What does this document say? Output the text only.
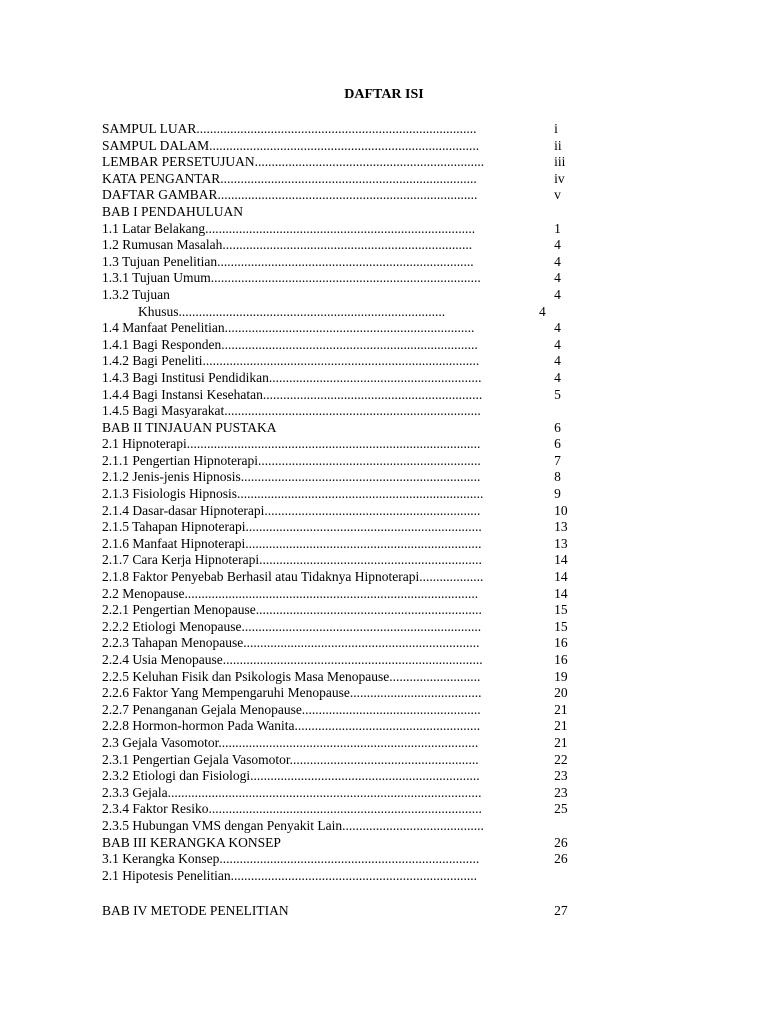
DAFTAR ISI
SAMPUL LUAR...................................................................................	i
SAMPUL DALAM................................................................................	ii
LEMBAR PERSETUJUAN....................................................................	iii
KATA PENGANTAR............................................................................	iv
DAFTAR GAMBAR.............................................................................	v
BAB I PENDAHULUAN
1.1 Latar Belakang................................................................................	1
1.2 Rumusan Masalah..........................................................................	4
1.3 Tujuan Penelitian............................................................................	4
1.3.1 Tujuan Umum................................................................................	4
1.3.2 Tujuan	4
Khusus...............................................................................	4
1.4 Manfaat Penelitian..........................................................................	4
1.4.1 Bagi Responden............................................................................	4
1.4.2 Bagi Peneliti..................................................................................	4
1.4.3 Bagi Institusi Pendidikan...............................................................	4
1.4.4 Bagi Instansi Kesehatan.................................................................	5
1.4.5 Bagi Masyarakat............................................................................
BAB II TINJAUAN PUSTAKA	6
2.1 Hipnoterapi.......................................................................................	6
2.1.1 Pengertian Hipnoterapi..................................................................	7
2.1.2 Jenis-jenis Hipnosis.......................................................................	8
2.1.3 Fisiologis Hipnosis.........................................................................	9
2.1.4 Dasar-dasar Hipnoterapi................................................................	10
2.1.5 Tahapan Hipnoterapi......................................................................	13
2.1.6 Manfaat Hipnoterapi......................................................................	13
2.1.7 Cara Kerja Hipnoterapi..................................................................	14
2.1.8 Faktor Penyebab Berhasil atau Tidaknya Hipnoterapi...................	14
2.2 Menopause.......................................................................................	14
2.2.1 Pengertian Menopause...................................................................	15
2.2.2 Etiologi Menopause.......................................................................	15
2.2.3 Tahapan Menopause......................................................................	16
2.2.4 Usia Menopause.............................................................................	16
2.2.5 Keluhan Fisik dan Psikologis Masa Menopause...........................	19
2.2.6 Faktor Yang Mempengaruhi Menopause.......................................	20
2.2.7 Penanganan Gejala Menopause.....................................................	21
2.2.8 Hormon-hormon Pada Wanita.......................................................	21
2.3 Gejala Vasomotor.............................................................................	21
2.3.1 Pengertian Gejala Vasomotor........................................................	22
2.3.2 Etiologi dan Fisiologi....................................................................	23
2.3.3 Gejala.............................................................................................	23
2.3.4 Faktor Resiko.................................................................................	25
2.3.5 Hubungan VMS dengan Penyakit Lain..........................................
BAB III KERANGKA KONSEP	26
3.1 Kerangka Konsep.............................................................................	26
2.1 Hipotesis Penelitian.........................................................................
BAB IV METODE PENELITIAN	27
